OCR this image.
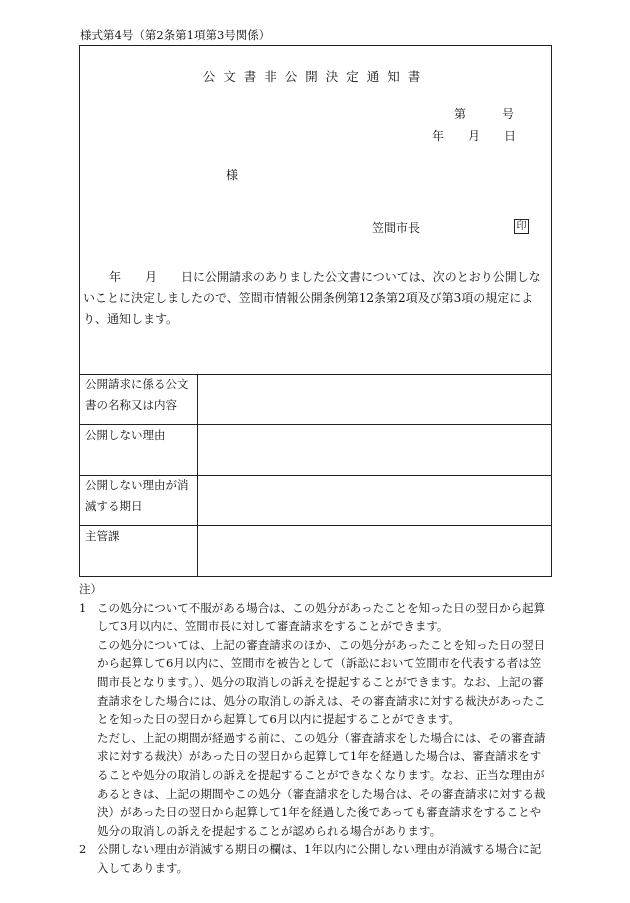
様式第4号（第2条第1項第3号関係）
公文書非公開決定通知書
第　　　号
年　　月　　日
様
笠間市長	印
年　　月　　日に公開請求のありました公文書については、次のとおり公開しないことに決定しましたので、笠間市情報公開条例第12条第2項及び第3項の規定により、通知します。
公開請求に係る公文書の名称又は内容
公開しない理由
公開しない理由が消滅する期日
主管課

注）

1 この処分について不服がある場合は、この処分があったことを知った日の翌日から起算して3月以内に、笠間市長に対して審査請求をすることができます。

この処分については、上記の審査請求のほか、この処分があったことを知った日の翌日から起算して6月以内に、笠間市を被告として（訴訟において笠間市を代表する者は笠間市長となります。）、処分の取消しの訴えを提起することができます。なお、上記の審査請求をした場合には、処分の取消しの訴えは、その審査請求に対する裁決があったことを知った日の翌日から起算して6月以内に提起することができます。

ただし、上記の期間が経過する前に、この処分（審査請求をした場合には、その審査請求に対する裁決）があった日の翌日から起算して1年を経過した場合は、審査請求をすることや処分の取消しの訴えを提起することができなくなります。なお、正当な理由があるときは、上記の期間やこの処分（審査請求をした場合は、その審査請求に対する裁決）があった日の翌日から起算して1年を経過した後であっても審査請求をすることや処分の取消しの訴えを提起することが認められる場合があります。

2 公開しない理由が消滅する期日の欄は、1年以内に公開しない理由が消滅する場合に記入してあります。
